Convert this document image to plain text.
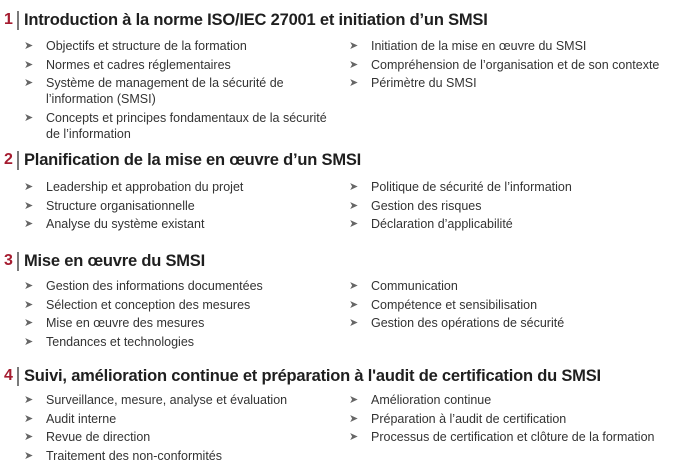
1 Introduction à la norme ISO/IEC 27001 et initiation d’un SMSI
➤ Objectifs et structure de la formation
➤ Normes et cadres réglementaires
➤ Système de management de la sécurité de l’information (SMSI)
➤ Concepts et principes fondamentaux de la sécurité de l’information
➤ Initiation de la mise en œuvre du SMSI
➤ Compréhension de l’organisation et de son contexte
➤ Périmètre du SMSI
2 Planification de la mise en œuvre d’un SMSI
➤ Leadership et approbation du projet
➤ Structure organisationnelle
➤ Analyse du système existant
➤ Politique de sécurité de l’information
➤ Gestion des risques
➤ Déclaration d’applicabilité
3 Mise en œuvre du SMSI
➤ Gestion des informations documentées
➤ Sélection et conception des mesures
➤ Mise en œuvre des mesures
➤ Tendances et technologies
➤ Communication
➤ Compétence et sensibilisation
➤ Gestion des opérations de sécurité
4 Suivi, amélioration continue et préparation à l'audit de certification du SMSI
➤ Surveillance, mesure, analyse et évaluation
➤ Audit interne
➤ Revue de direction
➤ Traitement des non-conformités
➤ Amélioration continue
➤ Préparation à l’audit de certification
➤ Processus de certification et clôture de la formation
